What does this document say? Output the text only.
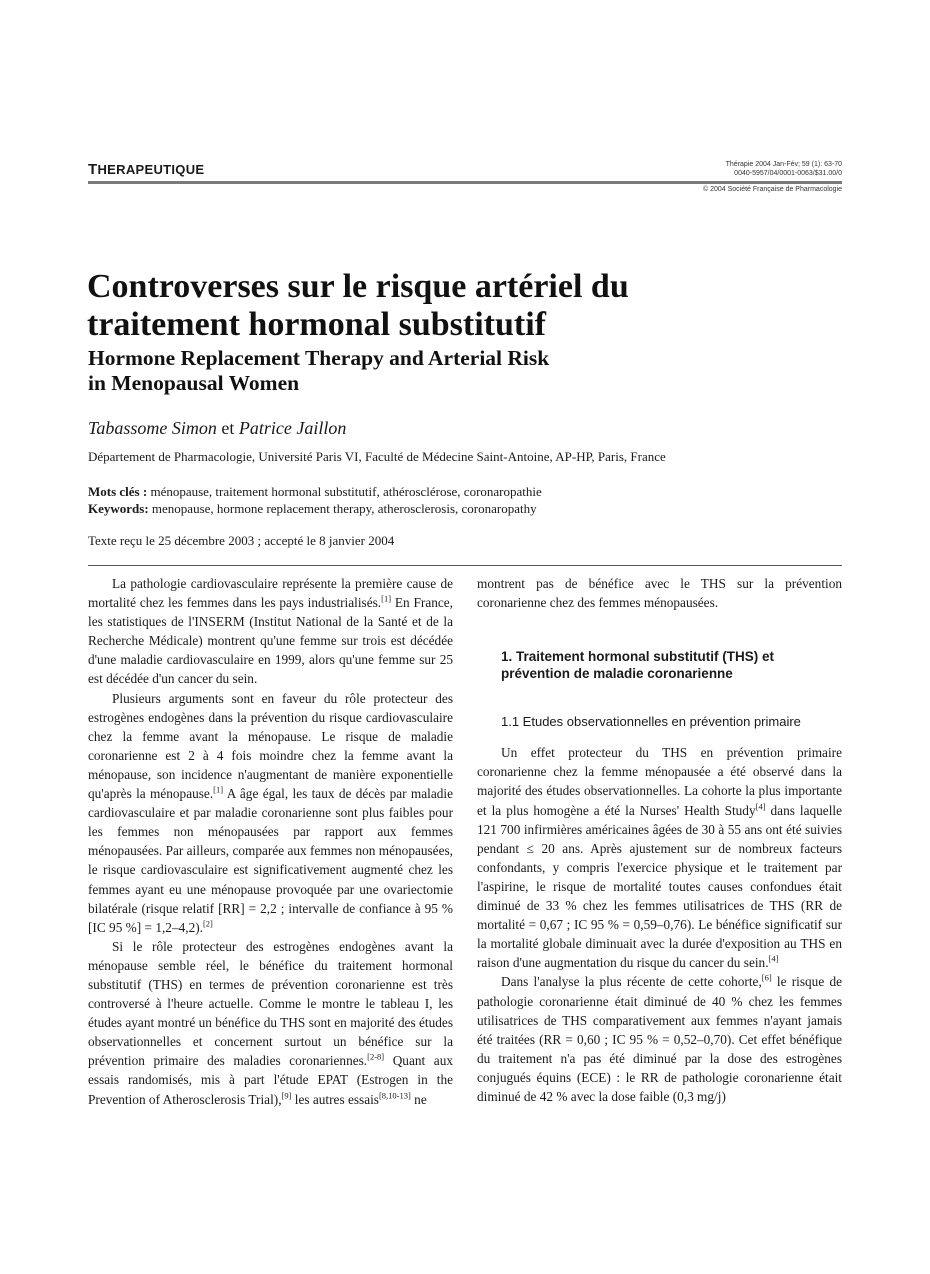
THERAPEUTIQUE	Thérapie 2004 Jan-Fév; 59 (1): 63-70
0040-5957/04/0001-0063/$31.00/0
© 2004 Société Française de Pharmacologie
Controverses sur le risque artériel du
traitement hormonal substitutif
Hormone Replacement Therapy and Arterial Risk
in Menopausal Women
Tabassome Simon et Patrice Jaillon
Département de Pharmacologie, Université Paris VI, Faculté de Médecine Saint-Antoine, AP-HP, Paris, France
Mots clés : ménopause, traitement hormonal substitutif, athérosclérose, coronaropathie
Keywords: menopause, hormone replacement therapy, atherosclerosis, coronaropathy
Texte reçu le 25 décembre 2003 ; accepté le 8 janvier 2004

La pathologie cardiovasculaire représente la première cause de mortalité chez les femmes dans les pays industrialisés.[1] En France, les statistiques de l'INSERM (Institut National de la Santé et de la Recherche Médicale) montrent qu'une femme sur trois est décédée d'une maladie cardiovasculaire en 1999, alors qu'une femme sur 25 est décédée d'un cancer du sein.

Plusieurs arguments sont en faveur du rôle protecteur des estrogènes endogènes dans la prévention du risque cardiovasculaire chez la femme avant la ménopause. Le risque de maladie coronarienne est 2 à 4 fois moindre chez la femme avant la ménopause, son incidence n'augmentant de manière exponentielle qu'après la ménopause.[1] A âge égal, les taux de décès par maladie cardiovasculaire et par maladie coronarienne sont plus faibles pour les femmes non ménopausées par rapport aux femmes ménopausées. Par ailleurs, comparée aux femmes non ménopausées, le risque cardiovasculaire est significativement augmenté chez les femmes ayant eu une ménopause provoquée par une ovariectomie bilatérale (risque relatif [RR] = 2,2 ; intervalle de confiance à 95 % [IC 95 %] = 1,2–4,2).[2]

Si le rôle protecteur des estrogènes endogènes avant la ménopause semble réel, le bénéfice du traitement hormonal substitutif (THS) en termes de prévention coronarienne est très controversé à l'heure actuelle. Comme le montre le tableau I, les études ayant montré un bénéfice du THS sont en majorité des études observationnelles et concernent surtout un bénéfice sur la prévention primaire des maladies coronariennes.[2-8] Quant aux essais randomisés, mis à part l'étude EPAT (Estrogen in the Prevention of Atherosclerosis Trial),[9] les autres essais[8,10-13] ne

montrent pas de bénéfice avec le THS sur la prévention coronarienne chez des femmes ménopausées.

1. Traitement hormonal substitutif (THS) et
prévention de maladie coronarienne
1.1 Etudes observationnelles en prévention primaire

Un effet protecteur du THS en prévention primaire coronarienne chez la femme ménopausée a été observé dans la majorité des études observationnelles. La cohorte la plus importante et la plus homogène a été la Nurses' Health Study[4] dans laquelle 121 700 infirmières américaines âgées de 30 à 55 ans ont été suivies pendant ≤ 20 ans. Après ajustement sur de nombreux facteurs confondants, y compris l'exercice physique et le traitement par l'aspirine, le risque de mortalité toutes causes confondues était diminué de 33 % chez les femmes utilisatrices de THS (RR de mortalité = 0,67 ; IC 95 % = 0,59–0,76). Le bénéfice significatif sur la mortalité globale diminuait avec la durée d'exposition au THS en raison d'une augmentation du risque du cancer du sein.[4]

Dans l'analyse la plus récente de cette cohorte,[6] le risque de pathologie coronarienne était diminué de 40 % chez les femmes utilisatrices de THS comparativement aux femmes n'ayant jamais été traitées (RR = 0,60 ; IC 95 % = 0,52–0,70). Cet effet bénéfique du traitement n'a pas été diminué par la dose des estrogènes conjugués équins (ECE) : le RR de pathologie coronarienne était diminué de 42 % avec la dose faible (0,3 mg/j)
